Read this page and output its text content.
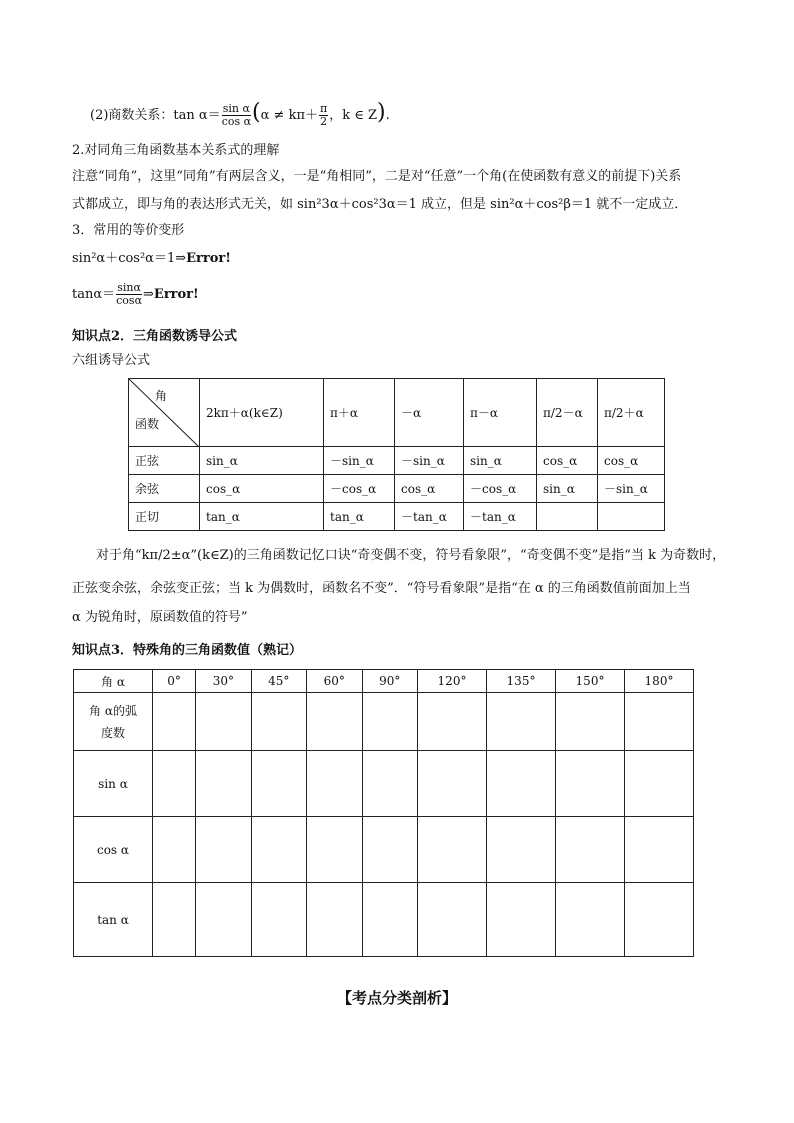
(2)商数关系：$\tan \alpha= \frac{\text{sin α}}{\text{cos α}} (\alpha \ne k\pi+ \frac{\pi}{2}$ ，k ∈ Z).
2.对同角三角函数基本关系式的理解
注意“同角”，这里“同角”有两层含义，一是“角相同”，二是对“任意”一个角(在使函数有意义的前提下)关系
式都成立，即与角的表达形式无关，如 sin²3α＋cos²3α＝1 成立，但是 sin²α＋cos²β＝1 就不一定成立．
3．常用的等价变形
sin²α＋cos²α＝1⇒Error!
$\tan\alpha= \frac{\sin\alpha}{\cos\alpha}$ ⇒Error!
知识点2．三角函数诱导公式
六组诱导公式
角
函数	2kπ＋α(k∈Z)	π＋α	－α	π－α	π/2－α	π/2＋α
正弦	sin_α	－sin_α	－sin_α	sin_α	cos_α	cos_α
余弦	cos_α	－cos_α	cos_α	－cos_α	sin_α	－sin_α
正切	tan_α	tan_α	－tan_α	－tan_α		
对于角“kπ/2±α”(k∈Z)的三角函数记忆口诀“奇变偶不变，符号看象限”，“奇变偶不变”是指“当 k 为奇数时，
正弦变余弦，余弦变正弦；当 k 为偶数时，函数名不变”．“符号看象限”是指“在 α 的三角函数值前面加上当
α 为锐角时，原函数值的符号”
知识点3．特殊角的三角函数值（熟记）
角 α	0°	30°	45°	60°	90°	120°	135°	150°	180°
角 α的弧度数									
sin α									
cos α									
tan α									
【考点分类剖析】
